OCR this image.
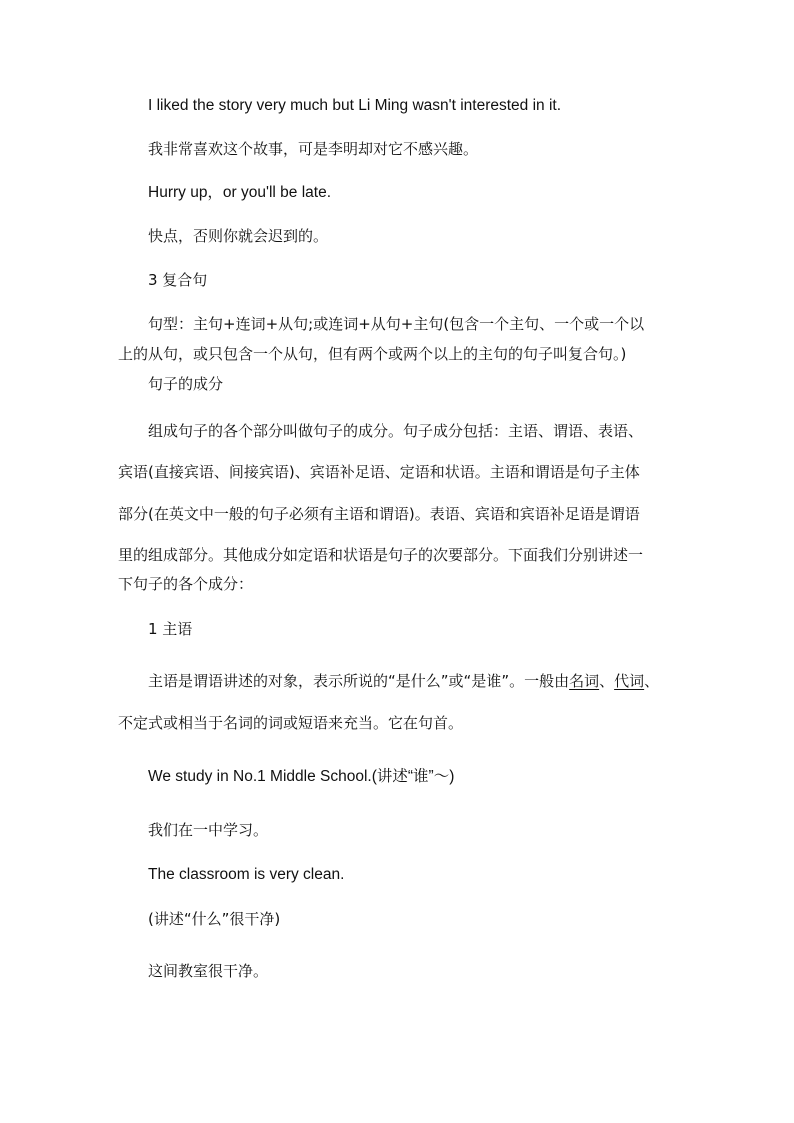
I liked the story very much but Li Ming wasn't interested in it.
我非常喜欢这个故事，可是李明却对它不感兴趣。
Hurry up，or you'll be late.
快点，否则你就会迟到的。
3 复合句
句型：主句+连词+从句;或连词+从句+主句(包含一个主句、一个或一个以
上的从句，或只包含一个从句，但有两个或两个以上的主句的句子叫复合句。)
句子的成分
组成句子的各个部分叫做句子的成分。句子成分包括：主语、谓语、表语、
宾语(直接宾语、间接宾语)、宾语补足语、定语和状语。主语和谓语是句子主体
部分(在英文中一般的句子必须有主语和谓语)。表语、宾语和宾语补足语是谓语
里的组成部分。其他成分如定语和状语是句子的次要部分。下面我们分别讲述一
下句子的各个成分：
1 主语
主语是谓语讲述的对象，表示所说的“是什么”或“是谁”。一般由名词、代词、
不定式或相当于名词的词或短语来充当。它在句首。
We study in No.1 Middle School.(讲述“谁”～)
我们在一中学习。
The classroom is very clean.
(讲述“什么”很干净)
这间教室很干净。
